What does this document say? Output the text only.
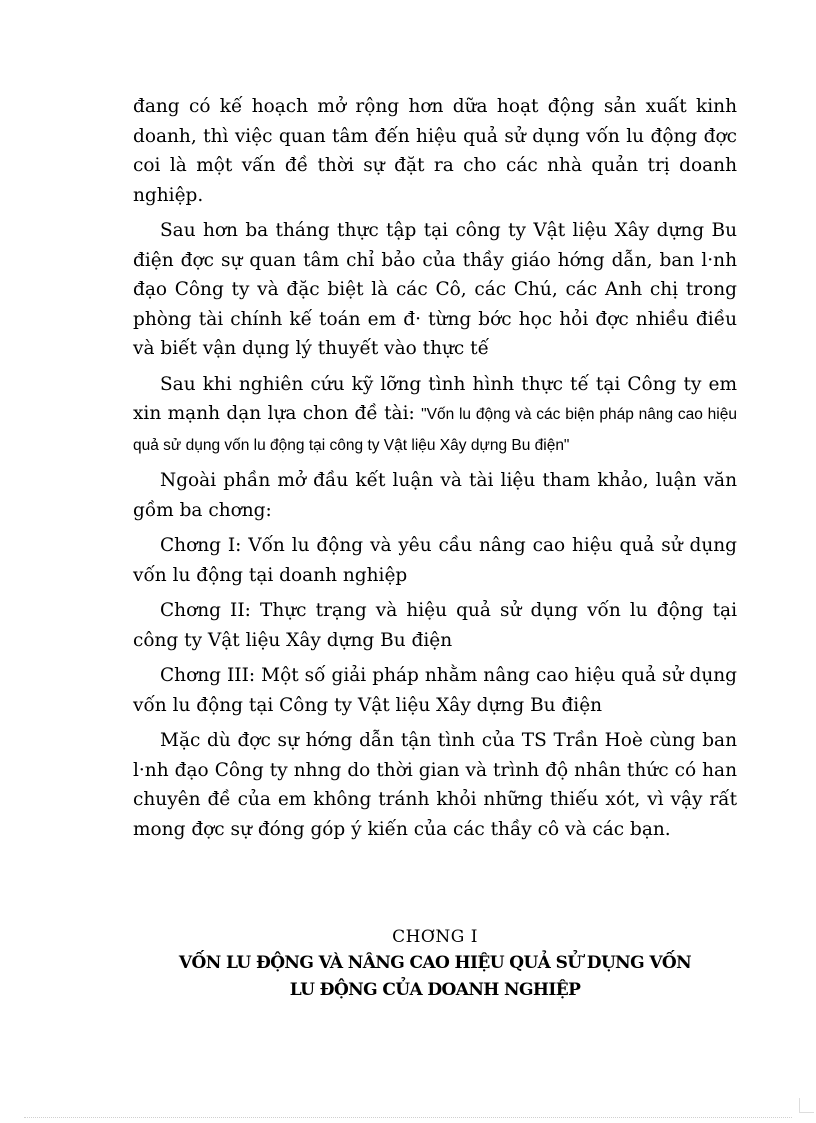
đang có kế hoạch mở rộng hơn dữa hoạt động sản xuất kinh doanh, thì việc quan tâm đến hiệu quả sử dụng vốn lu động đợc coi là một vấn đề thời sự đặt ra cho các nhà quản trị doanh nghiệp.

Sau hơn ba tháng thực tập tại công ty Vật liệu Xây dựng Bu điện đợc sự quan tâm chỉ bảo của thầy giáo hớng dẫn, ban l·nh đạo Công ty và đặc biệt là các Cô, các Chú, các Anh chị trong phòng tài chính kế toán em đ· từng bớc học hỏi đợc nhiều điều và biết vận dụng lý thuyết vào thực tế

Sau khi nghiên cứu kỹ lỡng tình hình thực tế tại Công ty em xin mạnh dạn lựa chon đề tài: "Vốn lu động và các biện pháp nâng cao hiệu quả sử dụng vốn lu động tại công ty Vật liệu Xây dựng Bu điện"

Ngoài phần mở đầu kết luận và tài liệu tham khảo, luận văn gồm ba chơng:

Chơng I: Vốn lu động và yêu cầu nâng cao hiệu quả sử dụng vốn lu động tại doanh nghiệp

Chơng II: Thực trạng và hiệu quả sử dụng vốn lu động tại công ty Vật liệu Xây dựng Bu điện

Chơng III: Một số giải pháp nhằm nâng cao hiệu quả sử dụng vốn lu động tại Công ty Vật liệu Xây dựng Bu điện

Mặc dù đợc sự hớng dẫn tận tình của TS Trần Hoè cùng ban l·nh đạo Công ty nhng do thời gian và trình độ nhân thức có han chuyên đề của em không tránh khỏi những thiếu xót, vì vậy rất mong đợc sự đóng góp ý kiến của các thầy cô và các bạn.

CHƠNG I
VỐN LU ĐỘNG VÀ NÂNG CAO HIỆU QUẢ SỬ DỤNG VỐN
LU ĐỘNG CỦA DOANH NGHIỆP
